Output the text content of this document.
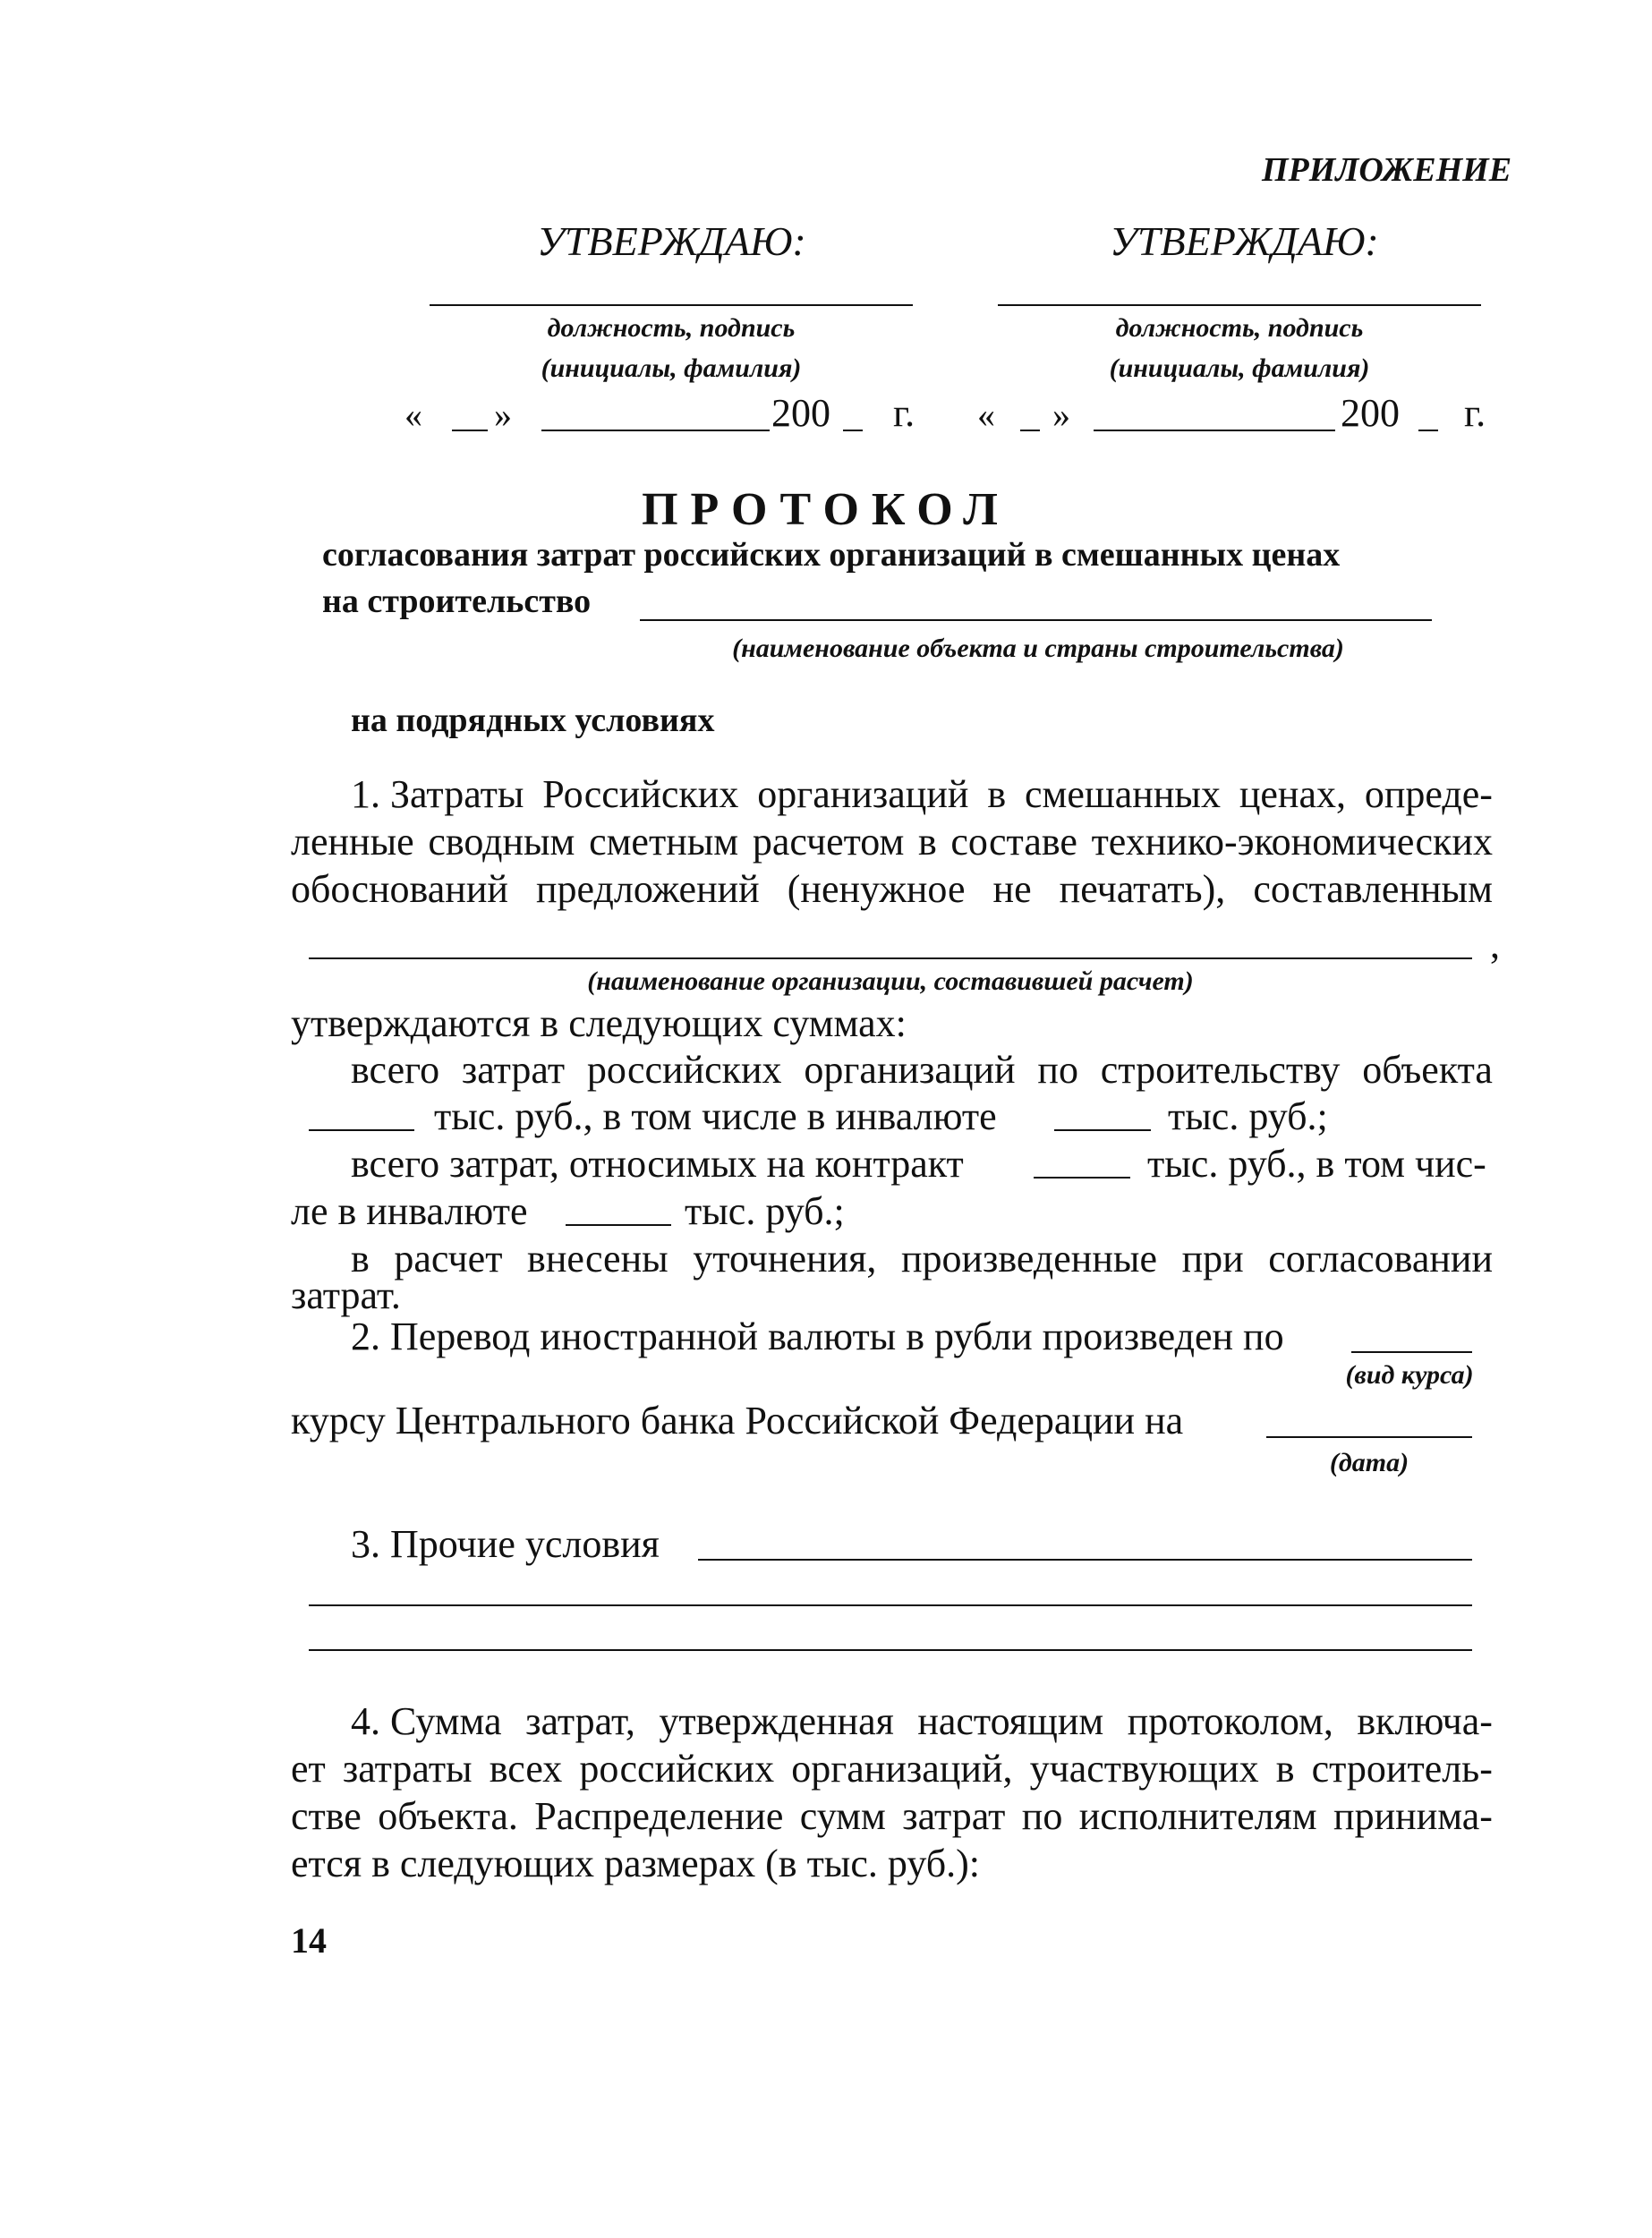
ПРИЛОЖЕНИЕ
УТВЕРЖДАЮ:	УТВЕРЖДАЮ:
должность, подпись	должность, подпись
(инициалы, фамилия)	(инициалы, фамилия)
« »	200 г. « »	200 г.
ПРОТОКОЛ
согласования затрат российских организаций в смешанных ценах
на строительство
(наименование объекта и страны строительства)
на подрядных условиях
1. Затраты Российских организаций в смешанных ценах, опреде-
ленные сводным сметным расчетом в составе технико-экономических
обоснований предложений (ненужное не печатать), составленным
,
(наименование организации, составившей расчет)
утверждаются в следующих суммах:
всего затрат российских организаций по строительству объекта
тыс. руб., в том числе в инвалюте	тыс. руб.;
всего затрат, относимых на контракт	тыс. руб., в том чис-
ле в инвалюте	тыс. руб.;
в расчет внесены уточнения, произведенные при согласовании
затрат.
2. Перевод иностранной валюты в рубли произведен по
(вид курса)
курсу Центрального банка Российской Федерации на
(дата)
3. Прочие условия
4. Сумма затрат, утвержденная настоящим протоколом, включа-
ет затраты всех российских организаций, участвующих в строитель-
стве объекта. Распределение сумм затрат по исполнителям принима-
ется в следующих размерах (в тыс. руб.):
14
